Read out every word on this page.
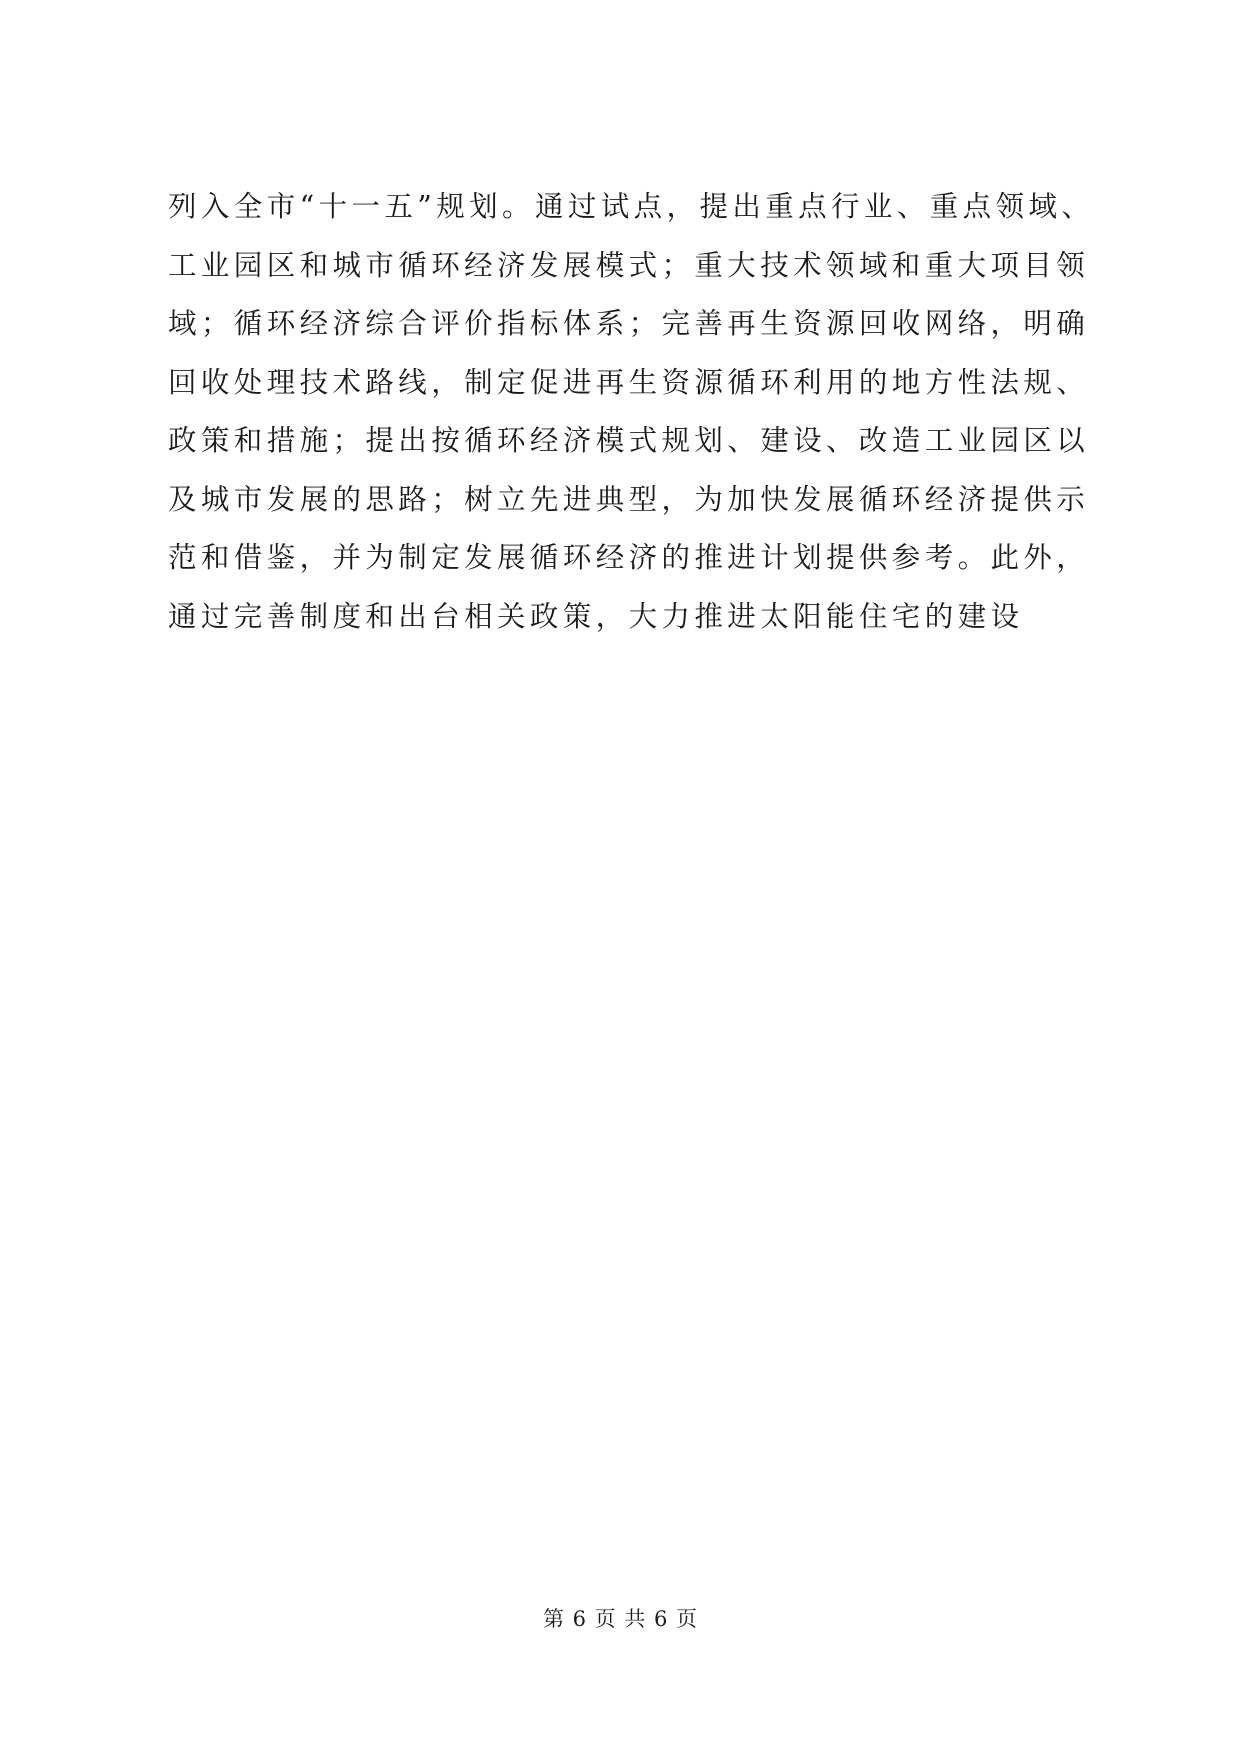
列入全市“十一五”规划。通过试点，提出重点行业、重点领域、
工业园区和城市循环经济发展模式；重大技术领域和重大项目领
域；循环经济综合评价指标体系；完善再生资源回收网络，明确
回收处理技术路线，制定促进再生资源循环利用的地方性法规、
政策和措施；提出按循环经济模式规划、建设、改造工业园区以
及城市发展的思路；树立先进典型，为加快发展循环经济提供示
范和借鉴，并为制定发展循环经济的推进计划提供参考。此外，
通过完善制度和出台相关政策，大力推进太阳能住宅的建设
第 6 页 共 6 页
